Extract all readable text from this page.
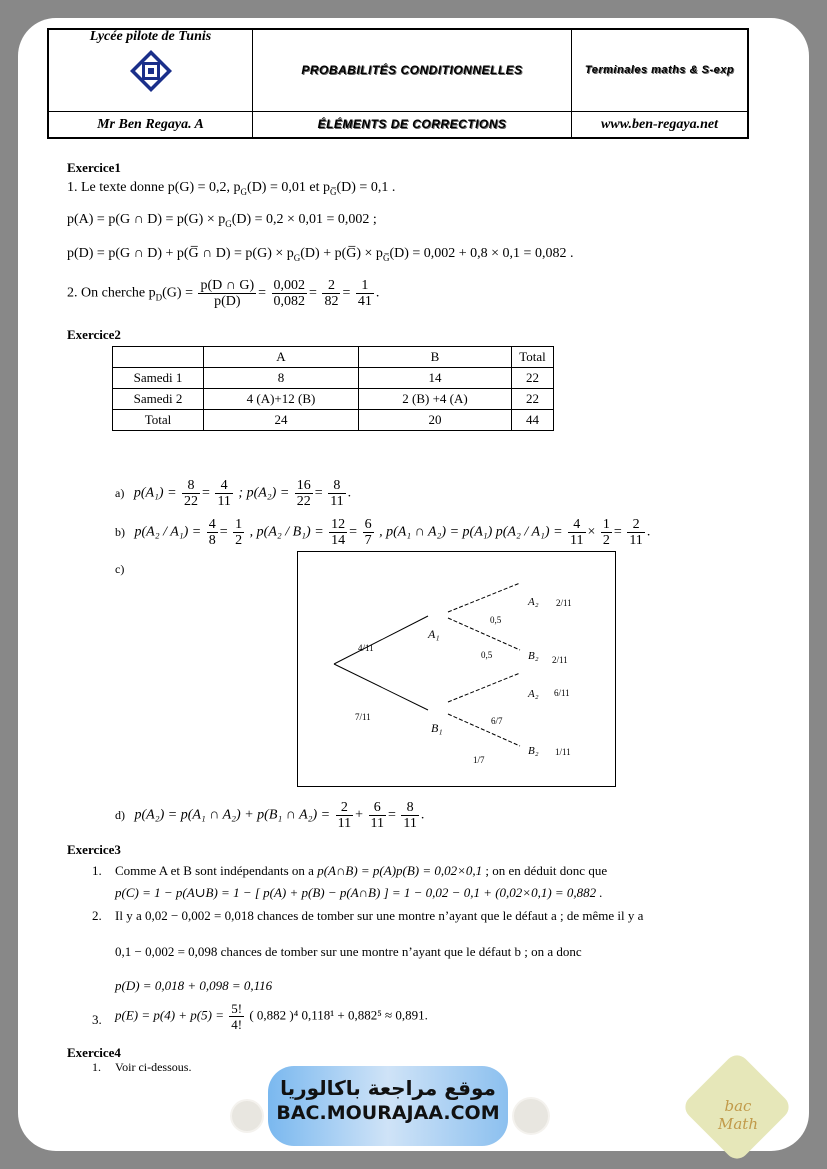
Lycée pilote de Tunis	PROBABILITÉS CONDITIONNELLES	Terminales maths & S-exp

Mr Ben Regaya. A	ÉLÉMENTS DE CORRECTIONS	www.ben-regaya.net
Exercice1
1. Le texte donne p(G) = 0,2, $p_G(D) = 0,01$ et $p_{G̅}(D) = 0,1$ .
p(A) = p(G ∩ $D) = p(G) \times p_G(D) = 0,2 \times 0,01 = 0,002$ ;
p(D) = p(G ∩ D) + p(G̅ ∩ $D) = p(G) \times p_G(D)$ + p(G̅) × $p_{G̅}(D) = 0,002 + 0,8 \times 0,1 = 0,082$ .
2. On cherche $p_D(G) = \frac{p(D \cap G)}{p(D)} = \frac{0,002}{0,082} = \frac{2}{82} = \frac{1}{41}$ .
Exercice2
	A	B	Total
Samedi 1	8	14	22
Samedi 2	4 (A)+12 (B)	2 (B) +4 (A)	22
Total	24	20	44
a) $p(A_1) = \frac{8}{22} = \frac{4}{11}$ ; $p(A_2) = \frac{16}{22} = \frac{8}{11}$ .
b) $p(A_2 / A_1) = \frac{4}{8} = \frac{1}{2}$ , $p(A_2 / B_1) = \frac{12}{14} = \frac{6}{7}$ , p(A₁ ∩ A₂) = p(A₁) $p(A_2 / A_1) = \frac{4}{11} \times \frac{1}{2} = \frac{2}{11}$ .
c)
A₁
B₁
A₂
B₂
A₂
B₂
4/11
7/11
0,5
0,5
6/7
1/7
2/11
2/11
6/11
1/11
d) p(A₂) = p(A₁ ∩ A₂) + p(B₁ ∩ $A_2) = \frac{2}{11} + \frac{6}{11} = \frac{8}{11}$ .
Exercice3
1. Comme A et B sont indépendants on a p(A∩B) = p(A)p(B) = 0,02×0,1 ; on en déduit donc que
p(C) = 1 − p(A∪B) = 1 − [ p(A) + p(B) − p(A∩B) ] = 1 − 0,02 − 0,1 + (0,02×0,1) = 0,882 .
2. Il y a 0,02 − 0,002 = 0,018 chances de tomber sur une montre n’ayant que le défaut a ; de même il y a
0,1 − 0,002 = 0,098 chances de tomber sur une montre n’ayant que le défaut b ; on a donc
p(D) = 0,018 + 0,098 = 0,116
3. $p(E) = p(4) + p(5) = \frac{5!}{4!}$ ( 0,882 )⁴ 0,118¹ + 0,882⁵ ≈ 0,891.
Exercice4
1. Voir ci-dessous.
موقع مراجعة باكالوريا
BAC.MOURAJAA.COM	bac Math
